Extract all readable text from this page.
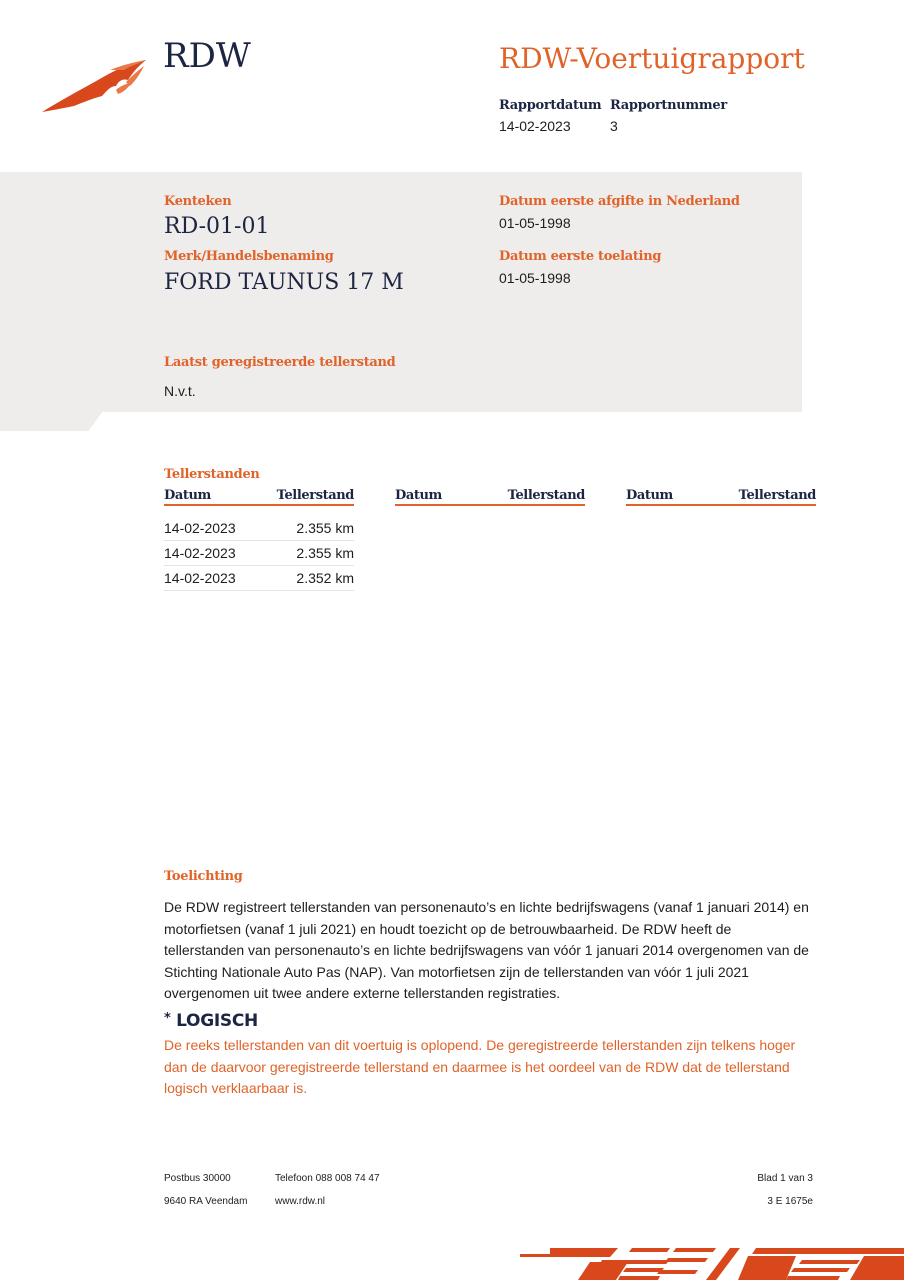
RDW	RDW-Voertuigrapport
Rapportdatum
14-02-2023
Rapportnummer
3
Kenteken
RD-01-01
Merk/Handelsbenaming
FORD TAUNUS 17 M
Datum eerste afgifte in Nederland
01-05-1998
Datum eerste toelating
01-05-1998
Laatst geregistreerde tellerstand
N.v.t.
Tellerstanden
Datum	Tellerstand
14-02-2023	2.355 km
14-02-2023	2.355 km
14-02-2023	2.352 km
Datum	Tellerstand	Datum	Tellerstand
Toelichting
De RDW registreert tellerstanden van personenauto’s en lichte bedrijfswagens (vanaf 1 januari 2014) en motorfietsen (vanaf 1 juli 2021) en houdt toezicht op de betrouwbaarheid. De RDW heeft de tellerstanden van personenauto’s en lichte bedrijfswagens van vóór 1 januari 2014 overgenomen van de Stichting Nationale Auto Pas (NAP). Van motorfietsen zijn de tellerstanden van vóór 1 juli 2021 overgenomen uit twee andere externe tellerstanden registraties.
* LOGISCH
De reeks tellerstanden van dit voertuig is oplopend. De geregistreerde tellerstanden zijn telkens hoger dan de daarvoor geregistreerde tellerstand en daarmee is het oordeel van de RDW dat de tellerstand logisch verklaarbaar is.
Postbus 30000
9640 RA Veendam
Telefoon 088 008 74 47
www.rdw.nl
Blad 1 van 3
3 E 1675e
